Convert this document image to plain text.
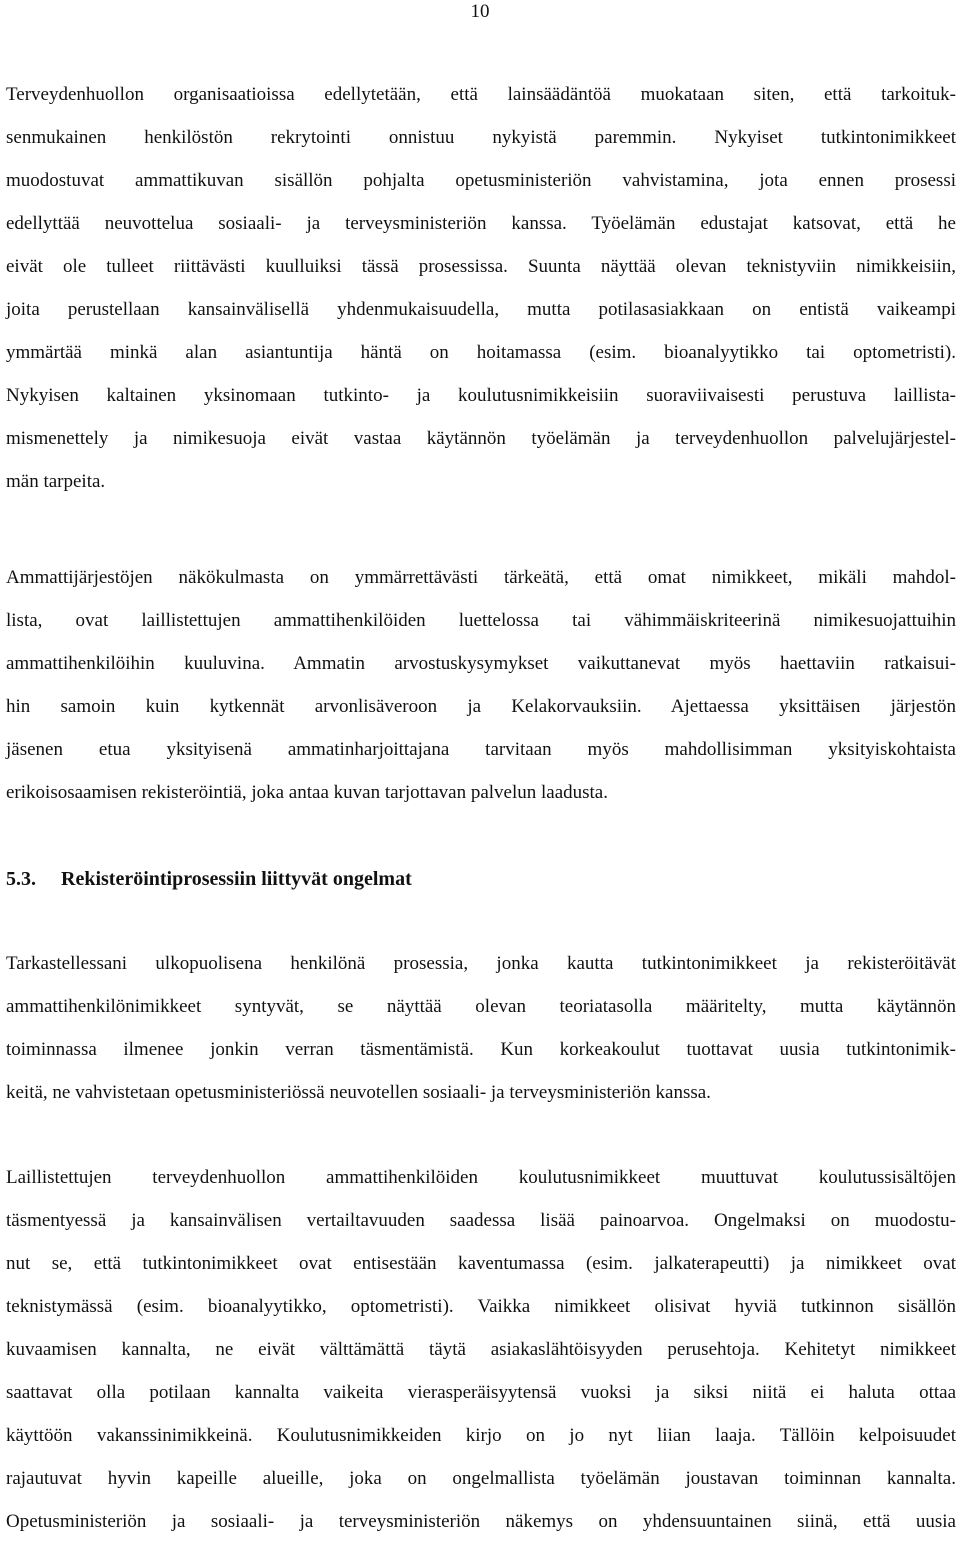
10
Terveydenhuollon organisaatioissa edellytetään, että lainsäädäntöä muokataan siten, että tarkoituk-
senmukainen henkilöstön rekrytointi onnistuu nykyistä paremmin. Nykyiset tutkintonimikkeet
muodostuvat ammattikuvan sisällön pohjalta opetusministeriön vahvistamina, jota ennen prosessi
edellyttää neuvottelua sosiaali- ja terveysministeriön kanssa. Työelämän edustajat katsovat, että he
eivät ole tulleet riittävästi kuulluiksi tässä prosessissa. Suunta näyttää olevan teknistyviin nimikkeisiin,
joita perustellaan kansainvälisellä yhdenmukaisuudella, mutta potilasasiakkaan on entistä vaikeampi
ymmärtää minkä alan asiantuntija häntä on hoitamassa (esim. bioanalyytikko tai optometristi).
Nykyisen kaltainen yksinomaan tutkinto- ja koulutusnimikkeisiin suoraviivaisesti perustuva laillista-
mismenettely ja nimikesuoja eivät vastaa käytännön työelämän ja terveydenhuollon palvelujärjestel-
män tarpeita.
Ammattijärjestöjen näkökulmasta on ymmärrettävästi tärkeätä, että omat nimikkeet, mikäli mahdol-
lista, ovat laillistettujen ammattihenkilöiden luettelossa tai vähimmäiskriteerinä nimikesuojattuihin
ammattihenkilöihin kuuluvina. Ammatin arvostuskysymykset vaikuttanevat myös haettaviin ratkaisui-
hin samoin kuin kytkennät arvonlisäveroon ja Kelakorvauksiin. Ajettaessa yksittäisen järjestön
jäsenen etua yksityisenä ammatinharjoittajana tarvitaan myös mahdollisimman yksityiskohtaista
erikoisosaamisen rekisteröintiä, joka antaa kuvan tarjottavan palvelun laadusta.
5.3. Rekisteröintiprosessiin liittyvät ongelmat
Tarkastellessani ulkopuolisena henkilönä prosessia, jonka kautta tutkintonimikkeet ja rekisteröitävät
ammattihenkilönimikkeet syntyvät, se näyttää olevan teoriatasolla määritelty, mutta käytännön
toiminnassa ilmenee jonkin verran täsmentämistä. Kun korkeakoulut tuottavat uusia tutkintonimik-
keitä, ne vahvistetaan opetusministeriössä neuvotellen sosiaali- ja terveysministeriön kanssa.
Laillistettujen terveydenhuollon ammattihenkilöiden koulutusnimikkeet muuttuvat koulutussisältöjen
täsmentyessä ja kansainvälisen vertailtavuuden saadessa lisää painoarvoa. Ongelmaksi on muodostu-
nut se, että tutkintonimikkeet ovat entisestään kaventumassa (esim. jalkaterapeutti) ja nimikkeet ovat
teknistymässä (esim. bioanalyytikko, optometristi). Vaikka nimikkeet olisivat hyviä tutkinnon sisällön
kuvaamisen kannalta, ne eivät välttämättä täytä asiakaslähtöisyyden perusehtoja. Kehitetyt nimikkeet
saattavat olla potilaan kannalta vaikeita vierasperäisyytensä vuoksi ja siksi niitä ei haluta ottaa
käyttöön vakanssinimikkeinä. Koulutusnimikkeiden kirjo on jo nyt liian laaja. Tällöin kelpoisuudet
rajautuvat hyvin kapeille alueille, joka on ongelmallista työelämän joustavan toiminnan kannalta.
Opetusministeriön ja sosiaali- ja terveysministeriön näkemys on yhdensuuntainen siinä, että uusia
